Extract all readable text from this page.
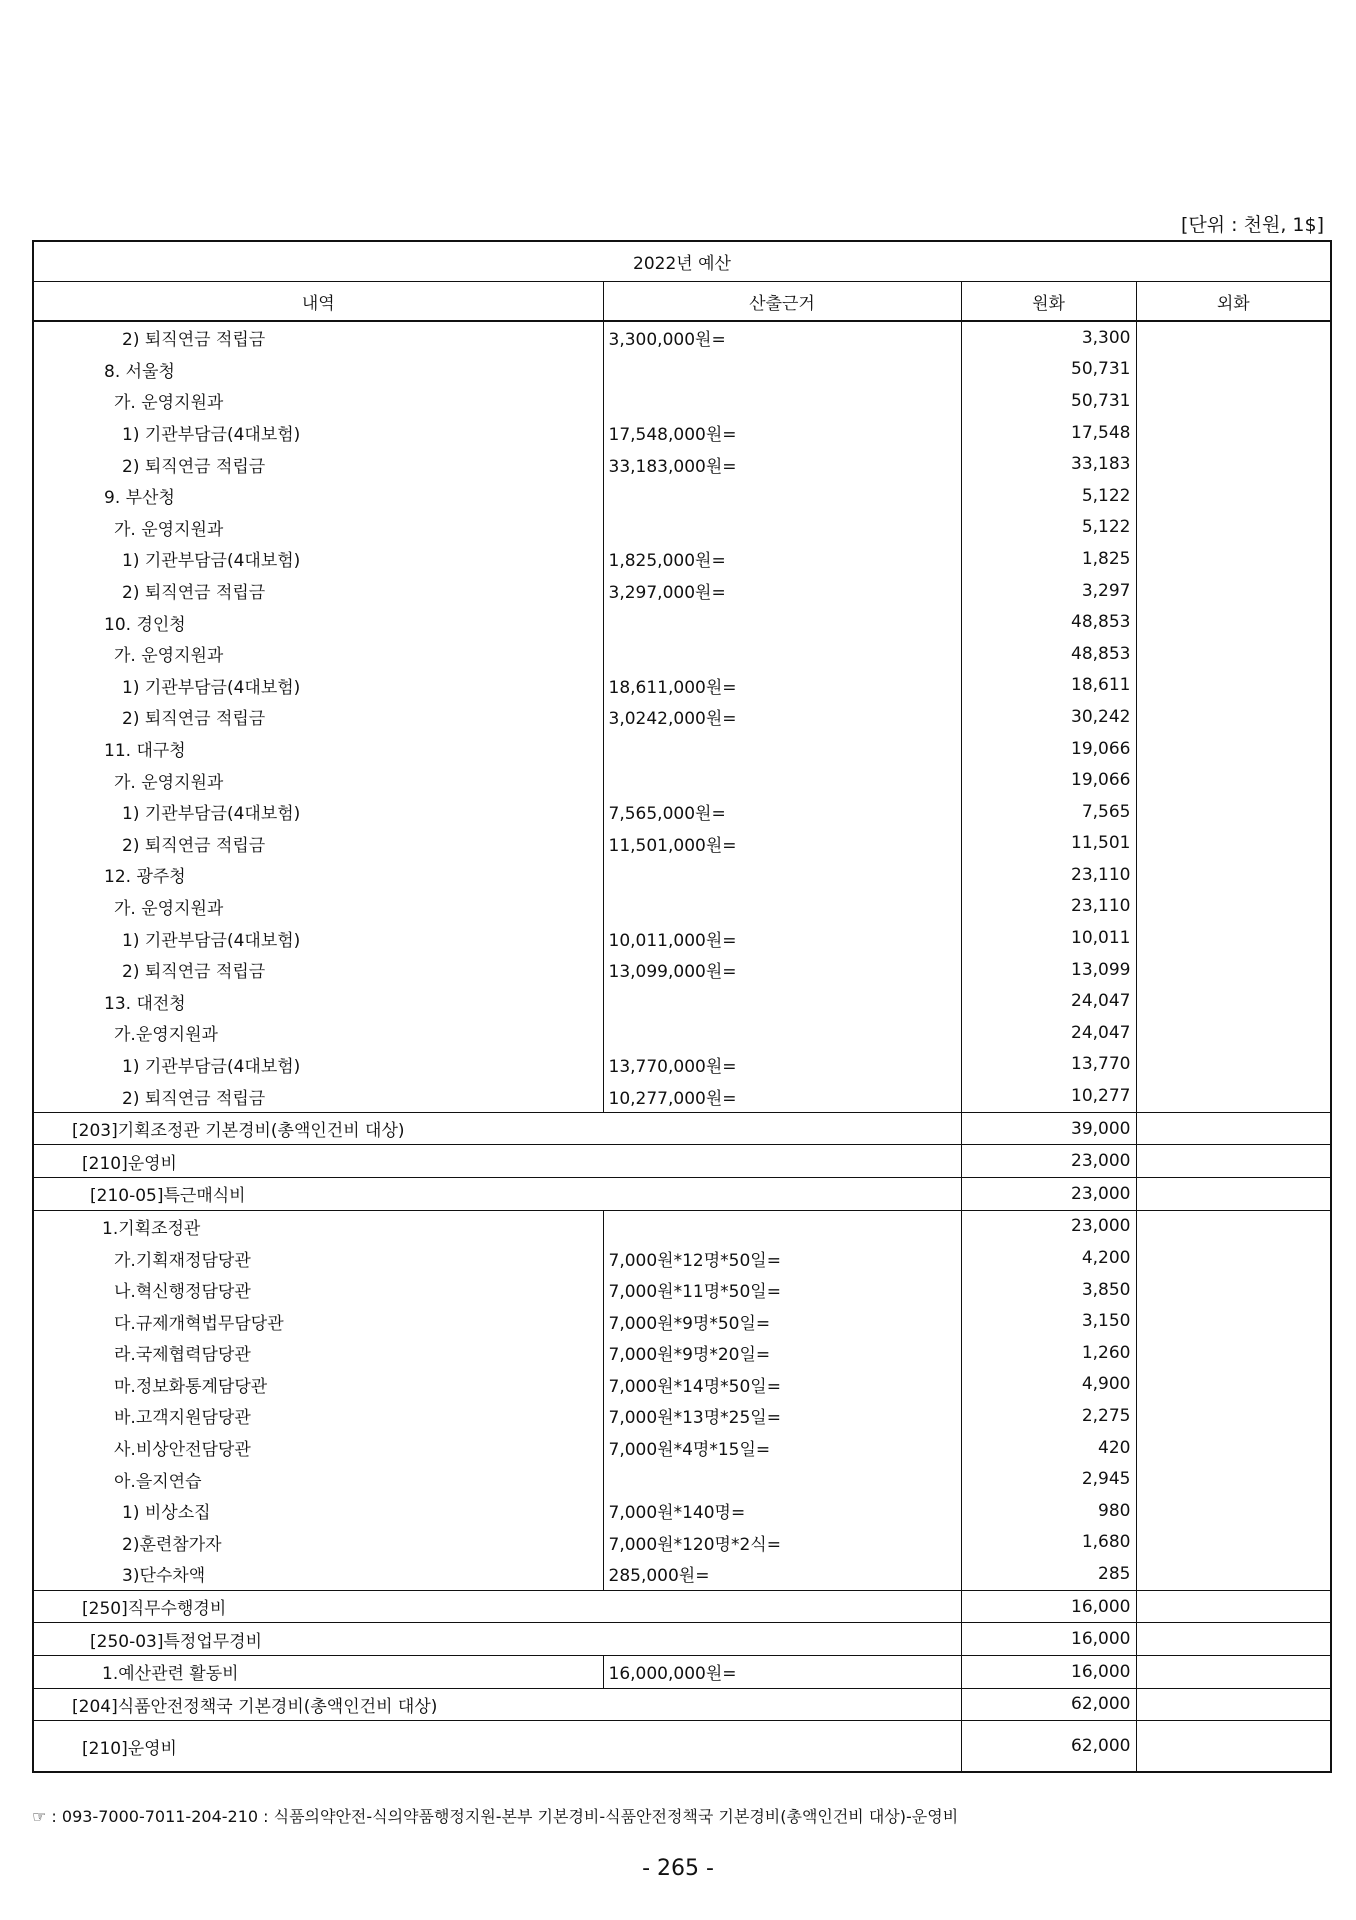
[단위 : 천원, 1$]
2022년 예산			
내역	산출근거	원화	외화
2) 퇴직연금 적립금	3,300,000원=	3,300	
8. 서울청		50,731	
가. 운영지원과		50,731	
1) 기관부담금(4대보험)	17,548,000원=	17,548	
2) 퇴직연금 적립금	33,183,000원=	33,183	
9. 부산청		5,122	
가. 운영지원과		5,122	
1) 기관부담금(4대보험)	1,825,000원=	1,825	
2) 퇴직연금 적립금	3,297,000원=	3,297	
10. 경인청		48,853	
가. 운영지원과		48,853	
1) 기관부담금(4대보험)	18,611,000원=	18,611	
2) 퇴직연금 적립금	3,0242,000원=	30,242	
11. 대구청		19,066	
가. 운영지원과		19,066	
1) 기관부담금(4대보험)	7,565,000원=	7,565	
2) 퇴직연금 적립금	11,501,000원=	11,501	
12. 광주청		23,110	
가. 운영지원과		23,110	
1) 기관부담금(4대보험)	10,011,000원=	10,011	
2) 퇴직연금 적립금	13,099,000원=	13,099	
13. 대전청		24,047	
가.운영지원과		24,047	
1) 기관부담금(4대보험)	13,770,000원=	13,770	
2) 퇴직연금 적립금	10,277,000원=	10,277	
[203]기획조정관 기본경비(총액인건비 대상)		39,000	
[210]운영비		23,000	
[210-05]특근매식비		23,000	
1.기획조정관		23,000	
가.기획재정담당관	7,000원*12명*50일=	4,200	
나.혁신행정담당관	7,000원*11명*50일=	3,850	
다.규제개혁법무담당관	7,000원*9명*50일=	3,150	
라.국제협력담당관	7,000원*9명*20일=	1,260	
마.정보화통계담당관	7,000원*14명*50일=	4,900	
바.고객지원담당관	7,000원*13명*25일=	2,275	
사.비상안전담당관	7,000원*4명*15일=	420	
아.을지연습		2,945	
1) 비상소집	7,000원*140명=	980	
2)훈련참가자	7,000원*120명*2식=	1,680	
3)단수차액	285,000원=	285	
[250]직무수행경비		16,000	
[250-03]특정업무경비		16,000	
1.예산관련 활동비	16,000,000원=	16,000	
[204]식품안전정책국 기본경비(총액인건비 대상)		62,000	
[210]운영비		62,000	
☞ : 093-7000-7011-204-210 : 식품의약안전-식의약품행정지원-본부 기본경비-식품안전정책국 기본경비(총액인건비 대상)-운영비
- 265 -
